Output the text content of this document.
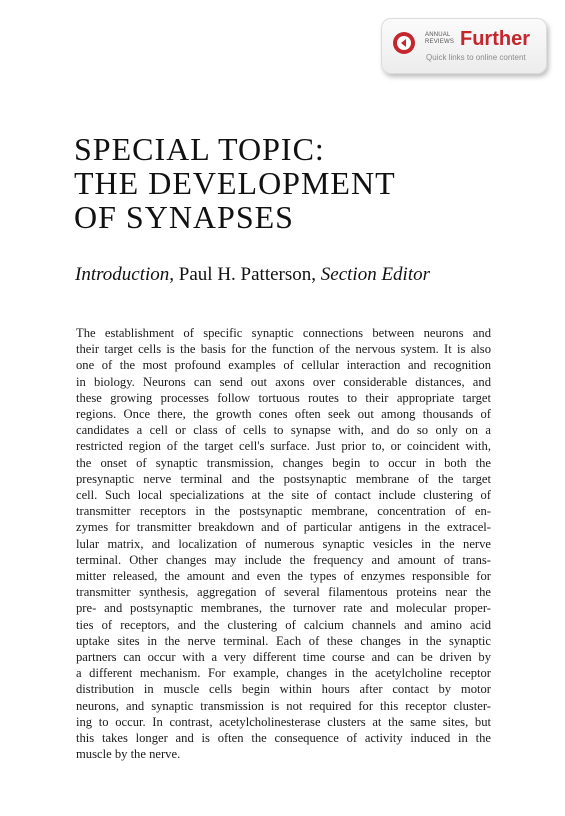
ANNUAL
REVIEWS Further
Quick links to online content
SPECIAL TOPIC:
THE DEVELOPMENT
OF SYNAPSES
Introduction, Paul H. Patterson, Section Editor

The establishment of specific synaptic connections between neurons and
their target cells is the basis for the function of the nervous system. It is also
one of the most profound examples of cellular interaction and recognition
in biology. Neurons can send out axons over considerable distances, and
these growing processes follow tortuous routes to their appropriate target
regions. Once there, the growth cones often seek out among thousands of
candidates a cell or class of cells to synapse with, and do so only on a
restricted region of the target cell's surface. Just prior to, or coincident with,
the onset of synaptic transmission, changes begin to occur in both the
presynaptic nerve terminal and the postsynaptic membrane of the target
cell. Such local specializations at the site of contact include clustering of
transmitter receptors in the postsynaptic membrane, concentration of en-
zymes for transmitter breakdown and of particular antigens in the extracel-
lular matrix, and localization of numerous synaptic vesicles in the nerve
terminal. Other changes may include the frequency and amount of trans-
mitter released, the amount and even the types of enzymes responsible for
transmitter synthesis, aggregation of several filamentous proteins near the
pre- and postsynaptic membranes, the turnover rate and molecular proper-
ties of receptors, and the clustering of calcium channels and amino acid
uptake sites in the nerve terminal. Each of these changes in the synaptic
partners can occur with a very different time course and can be driven by
a different mechanism. For example, changes in the acetylcholine receptor
distribution in muscle cells begin within hours after contact by motor
neurons, and synaptic transmission is not required for this receptor cluster-
ing to occur. In contrast, acetylcholinesterase clusters at the same sites, but
this takes longer and is often the consequence of activity induced in the
muscle by the nerve.
